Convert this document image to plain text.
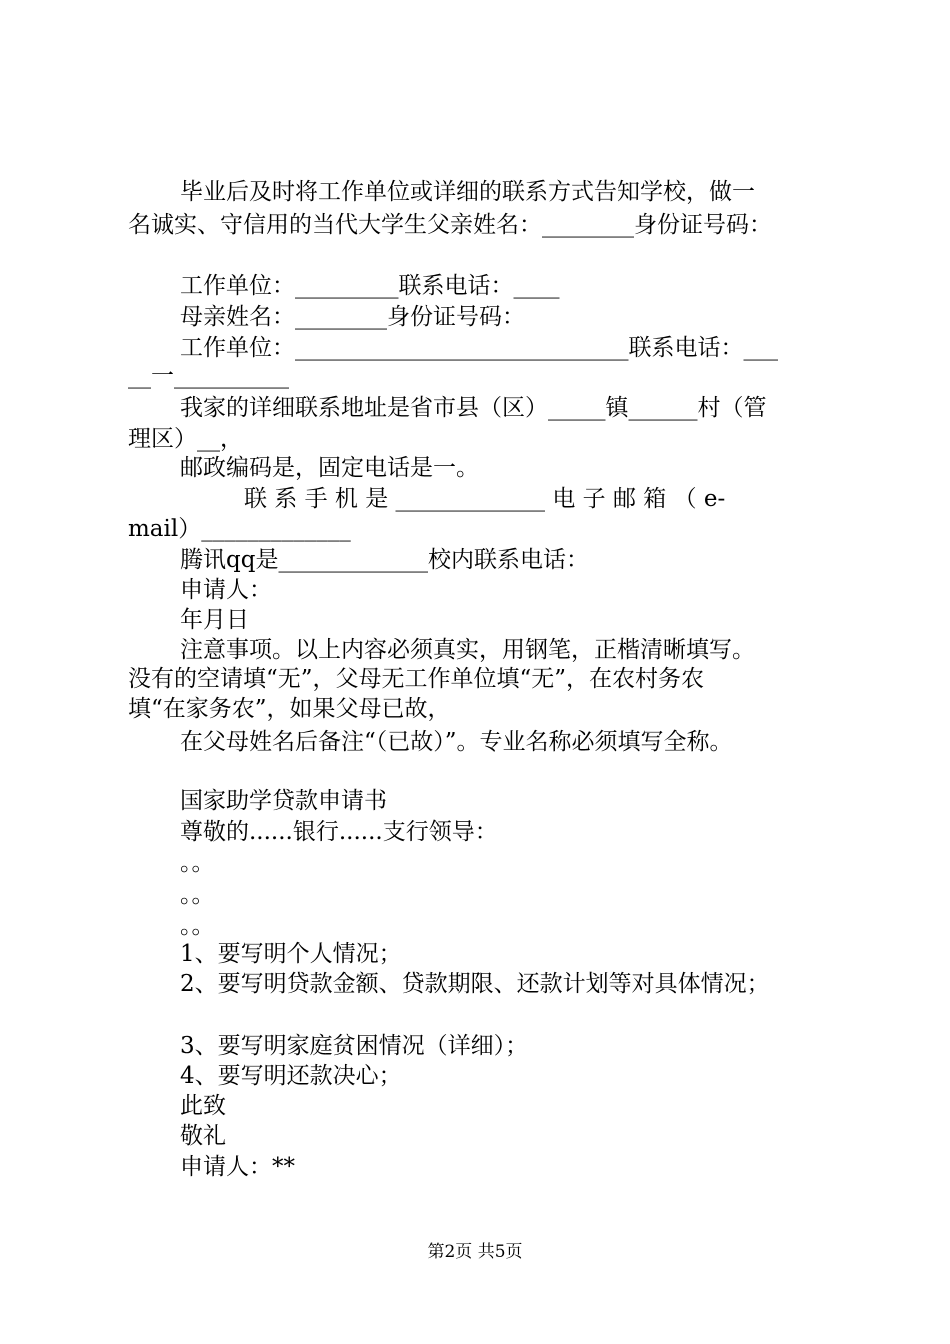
毕业后及时将工作单位或详细的联系方式告知学校，做一
名诚实、守信用的当代大学生父亲姓名：________身份证号码：
工作单位：_________联系电话：____
母亲姓名：________身份证号码：
工作单位：_____________________________联系电话：___
__一__________
我家的详细联系地址是省市县（区）_____镇______村（管
理区）__，
邮政编码是，固定电话是一。
联 系 手 机 是 _____________ 电 子 邮 箱 （ e-
mail）_____________
腾讯qq是_____________校内联系电话：
申请人：
年月日
注意事项。以上内容必须真实，用钢笔，正楷清晰填写。
没有的空请填“无”，父母无工作单位填“无”，在农村务农
填“在家务农”，如果父母已故，
在父母姓名后备注“（已故）”。专业名称必须填写全称。
国家助学贷款申请书
尊敬的......银行......支行领导：
。。
。。
。。
1、要写明个人情况；
2、要写明贷款金额、贷款期限、还款计划等对具体情况；
3、要写明家庭贫困情况（详细）；
4、要写明还款决心；
此致
敬礼
申请人：**
第2页 共5页
